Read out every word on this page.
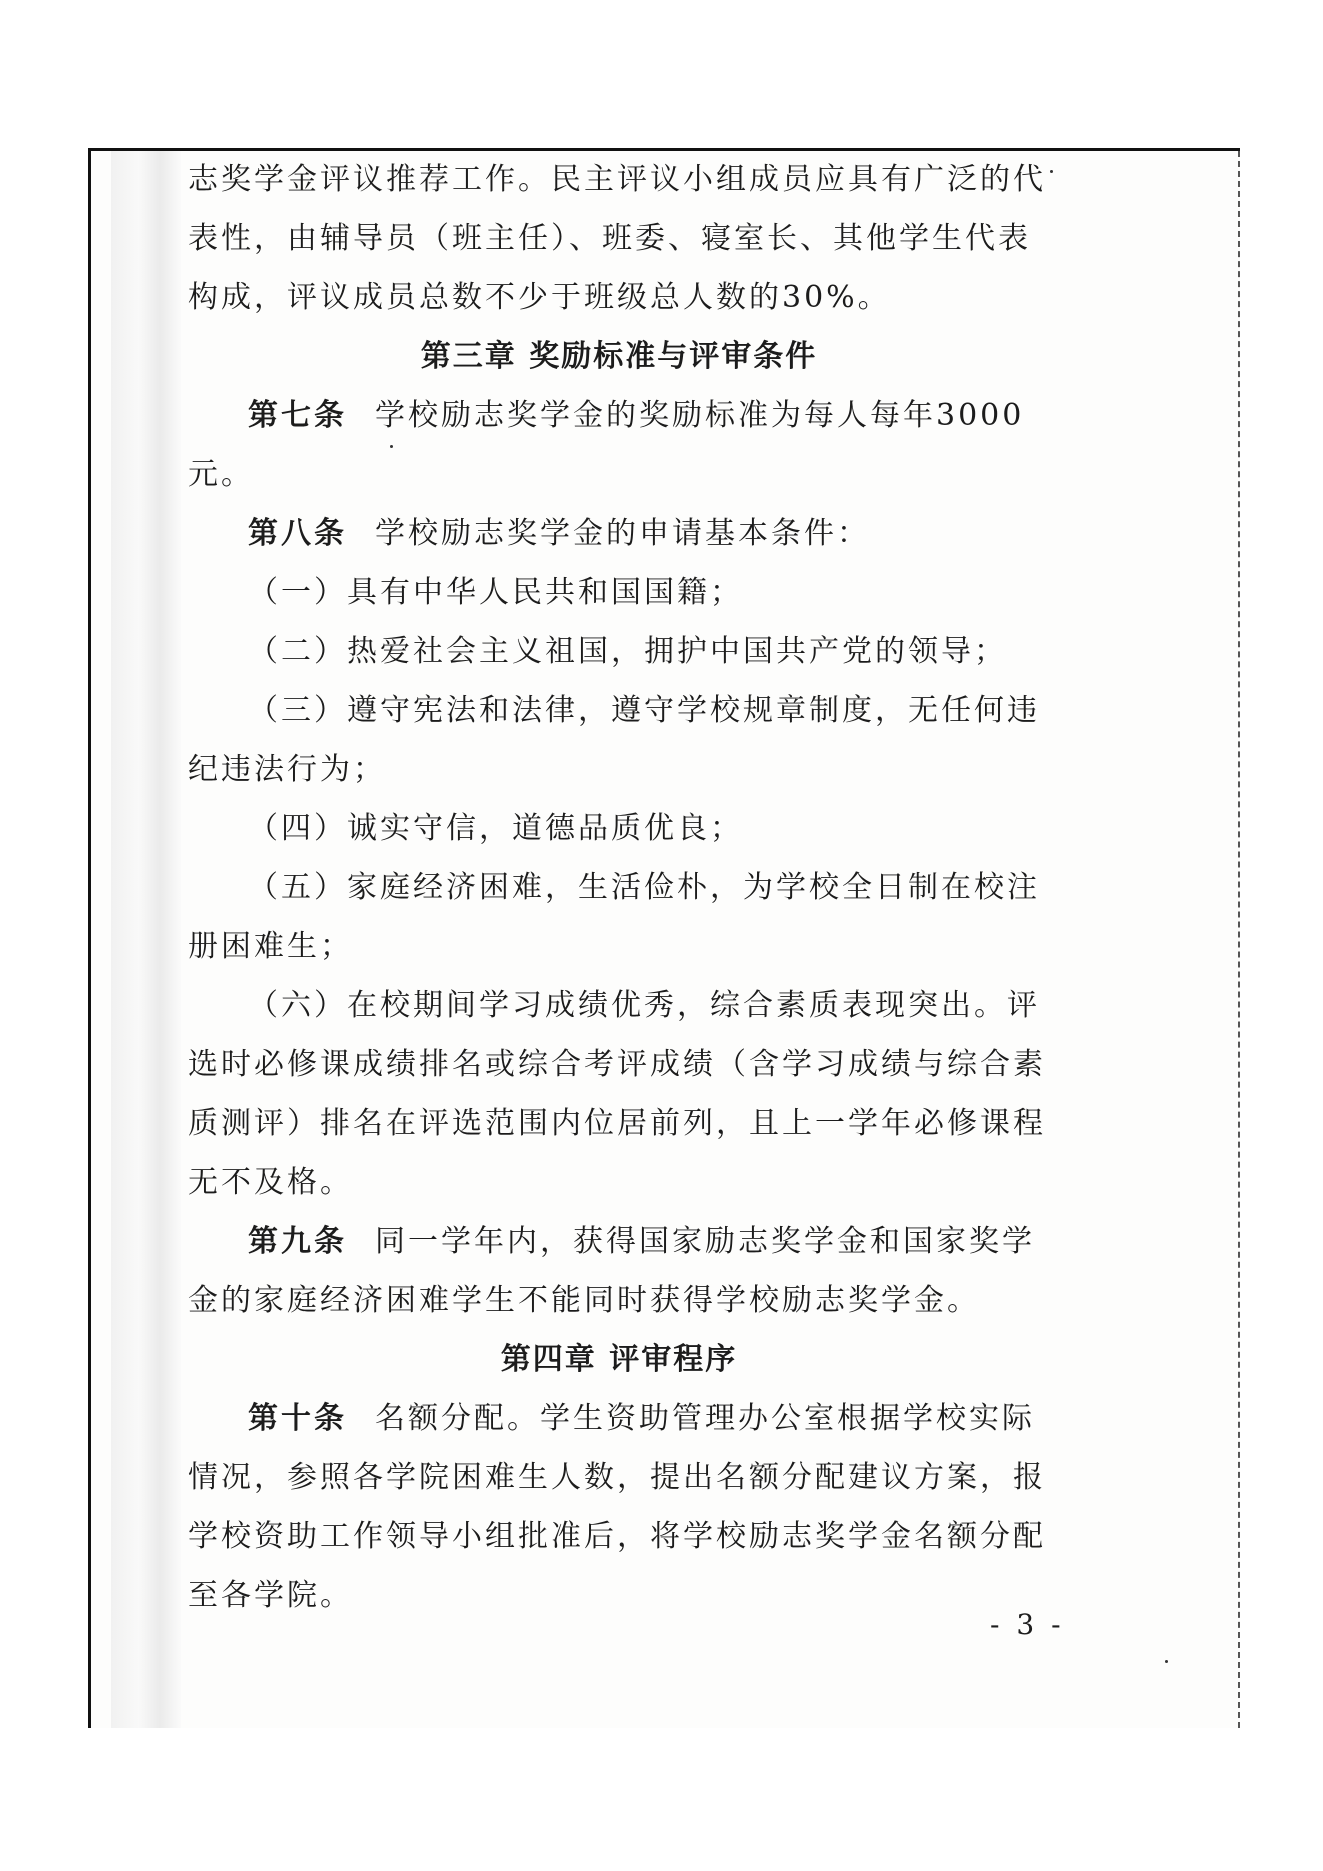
志奖学金评议推荐工作。民主评议小组成员应具有广泛的代表性，由辅导员（班主任）、班委、寝室长、其他学生代表构成，评议成员总数不少于班级总人数的30%。

第三章 奖励标准与评审条件

第七条 学校励志奖学金的奖励标准为每人每年3000元。

第八条 学校励志奖学金的申请基本条件：

（一）具有中华人民共和国国籍；

（二）热爱社会主义祖国，拥护中国共产党的领导；

（三）遵守宪法和法律，遵守学校规章制度，无任何违纪违法行为；

（四）诚实守信，道德品质优良；

（五）家庭经济困难，生活俭朴，为学校全日制在校注册困难生；

（六）在校期间学习成绩优秀，综合素质表现突出。评选时必修课成绩排名或综合考评成绩（含学习成绩与综合素质测评）排名在评选范围内位居前列，且上一学年必修课程无不及格。

第九条 同一学年内，获得国家励志奖学金和国家奖学金的家庭经济困难学生不能同时获得学校励志奖学金。

第四章 评审程序

第十条 名额分配。学生资助管理办公室根据学校实际情况，参照各学院困难生人数，提出名额分配建议方案，报学校资助工作领导小组批准后，将学校励志奖学金名额分配至各学院。

- 3 -
